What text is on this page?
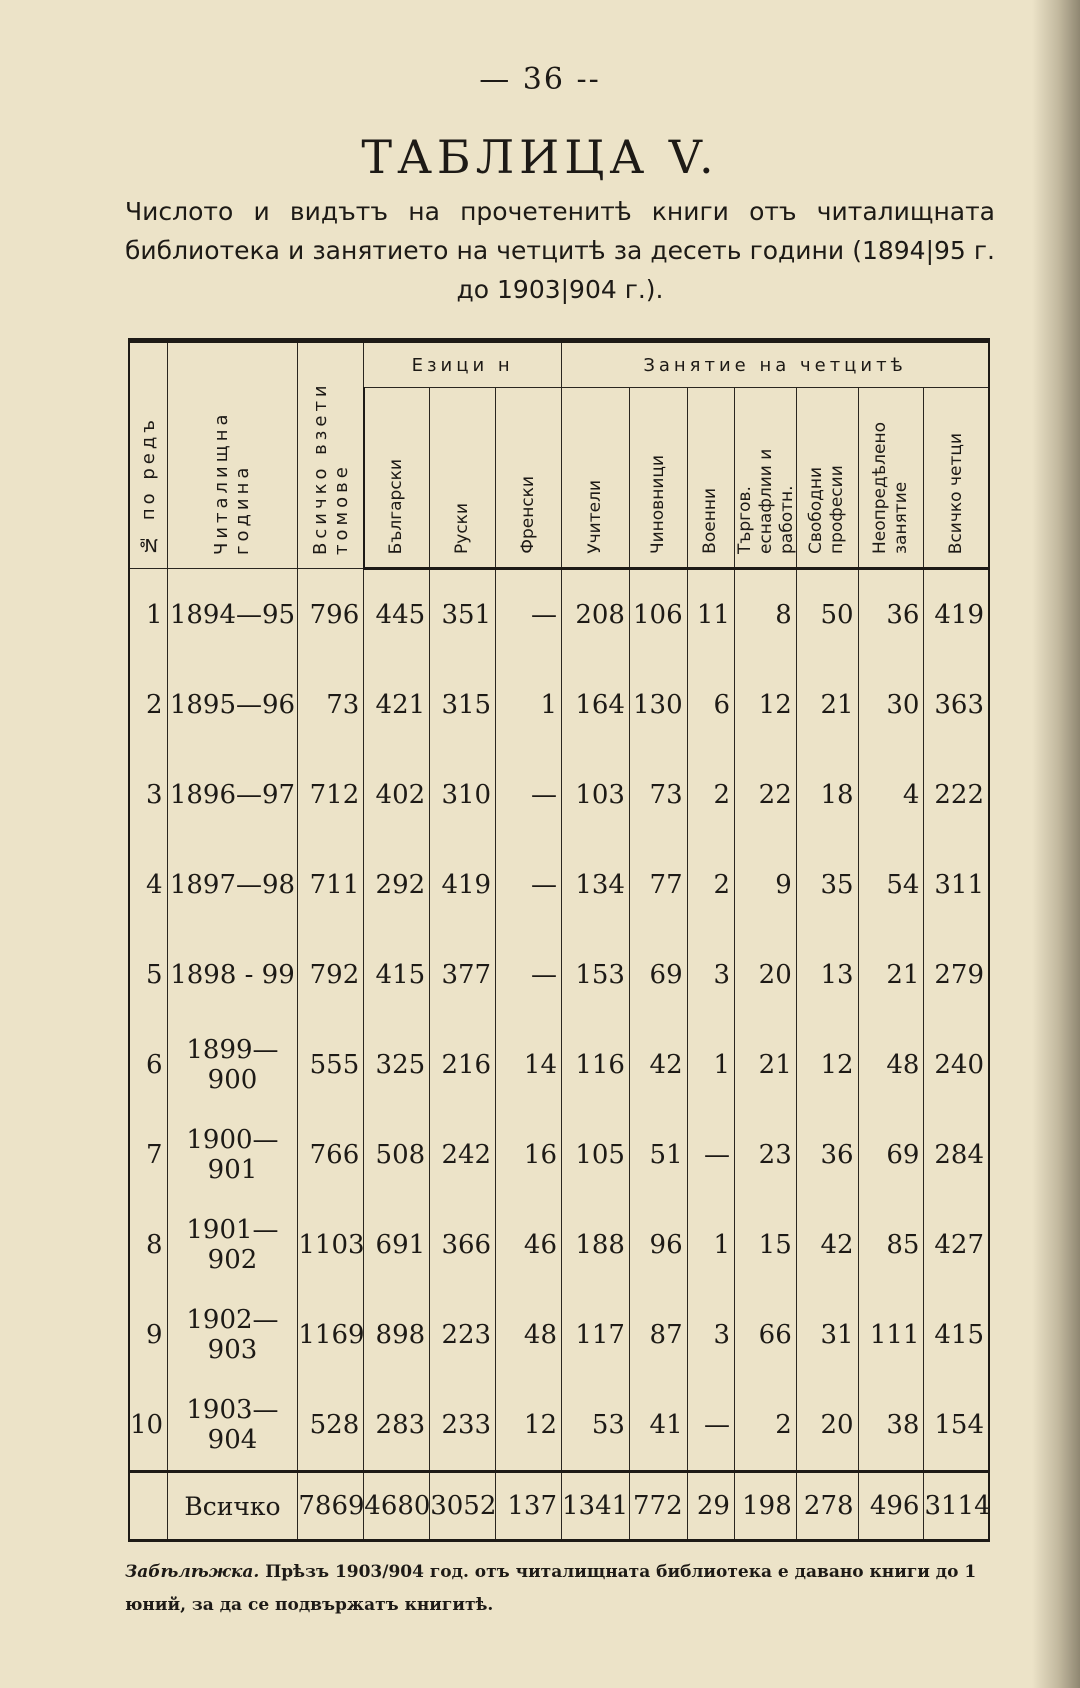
— 36 --
ТАБЛИЦА V.
Числото и видътъ на прочетенитѣ книги отъ читалищната библиотека и занятието на четцитѣ за десеть години (1894|95 г. до 1903|904 г.).
№ по редъ	Читалищна година	Всичко взети томове	Езици н			Занятие на четцитѣ						
			Български	Руски	Френски	Учители	Чиновници	Военни	Търгов. еснафлии и работн.	Свободни професии	Неопредѣлено занятие	Всичко четци
1	1894—95	796	445	351	—	208	106	11	8	50	36	419
2	1895—96	73	421	315	1	164	130	6	12	21	30	363
3	1896—97	712	402	310	—	103	73	2	22	18	4	222
4	1897—98	711	292	419	—	134	77	2	9	35	54	311
5	1898 - 99	792	415	377	—	153	69	3	20	13	21	279
6	1899—900	555	325	216	14	116	42	1	21	12	48	240
7	1900—901	766	508	242	16	105	51	—	23	36	69	284
8	1901—902	1103	691	366	46	188	96	1	15	42	85	427
9	1902—903	1169	898	223	48	117	87	3	66	31	111	415
10	1903—904	528	283	233	12	53	41	—	2	20	38	154
	Всичко	7869	4680	3052	137	1341	772	29	198	278	496	3114
Забѣлѣжка. Прѣзъ 1903/904 год. отъ читалищната библиотека е давано книги до 1 юний, за да се подвържатъ книгитѣ.
